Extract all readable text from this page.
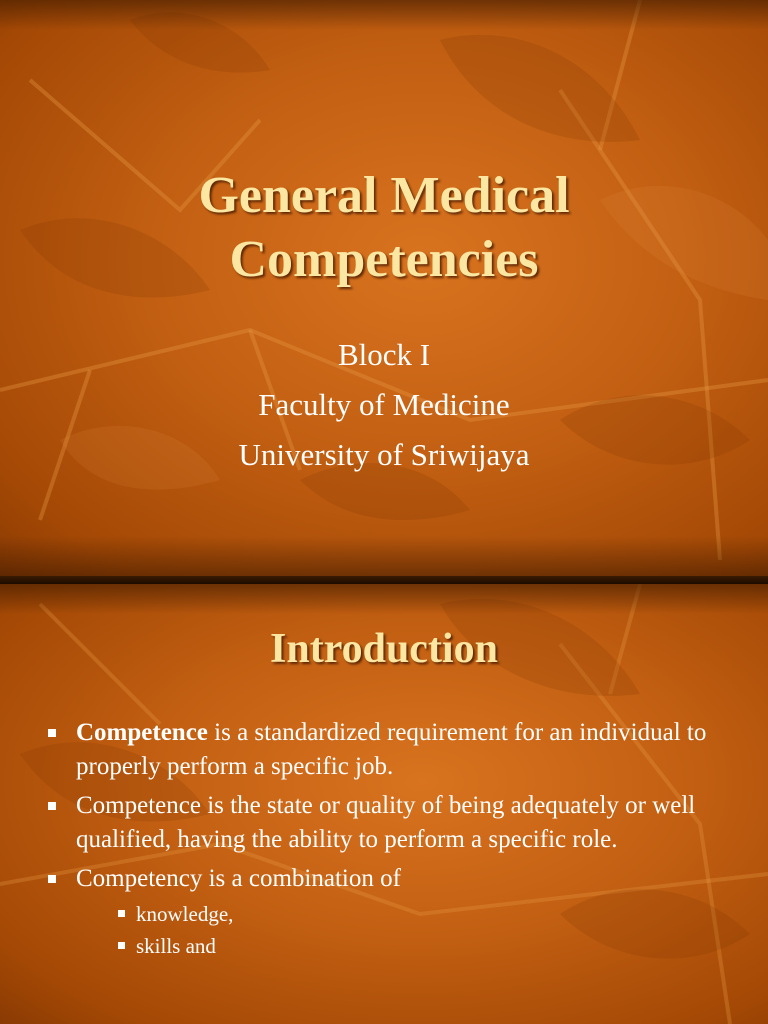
General Medical
Competencies
Block I
Faculty of Medicine
University of Sriwijaya
Introduction
Competence is a standardized requirement for an individual to properly perform a specific job.
Competence is the state or quality of being adequately or well qualified, having the ability to perform a specific role.
Competency is a combination of
knowledge,
skills and
